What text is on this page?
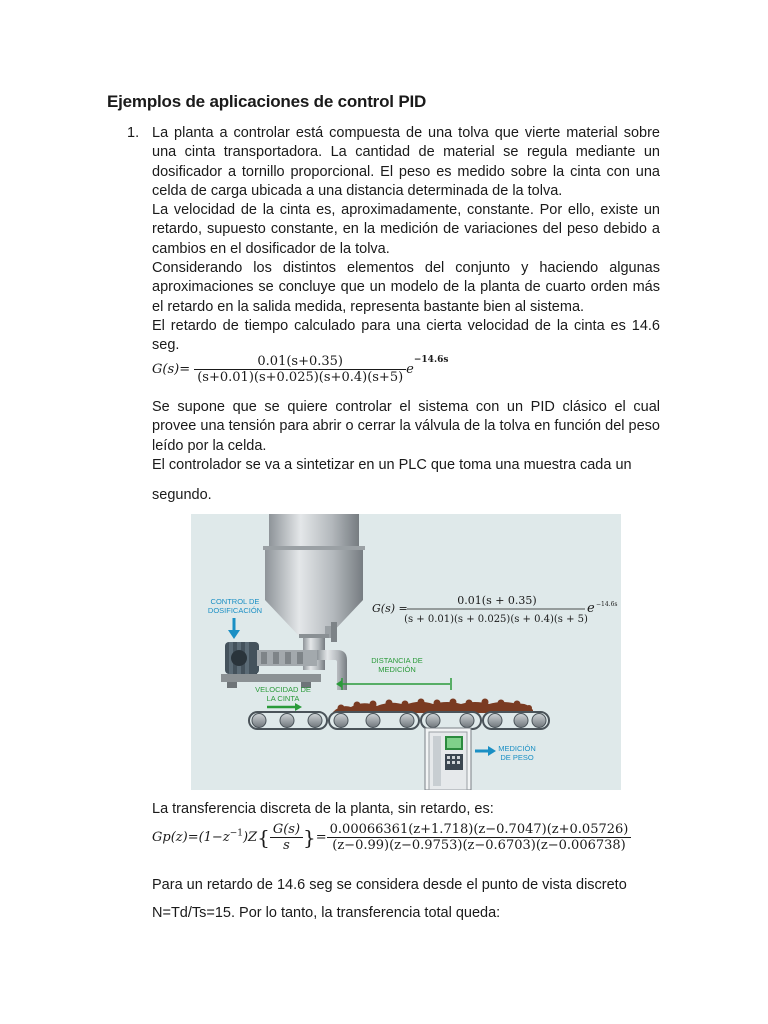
Ejemplos de aplicaciones de control PID
1. La planta a controlar está compuesta de una tolva que vierte material sobre una cinta transportadora. La cantidad de material se regula mediante un dosificador a tornillo proporcional. El peso es medido sobre la cinta con una celda de carga ubicada a una distancia determinada de la tolva.

La velocidad de la cinta es, aproximadamente, constante. Por ello, existe un retardo, supuesto constante, en la medición de variaciones del peso debido a cambios en el dosificador de la tolva.

Considerando los distintos elementos del conjunto y haciendo algunas aproximaciones se concluye que un modelo de la planta de cuarto orden más el retardo en la salida medida, representa bastante bien al sistema.

El retardo de tiempo calculado para una cierta velocidad de la cinta es 14.6 seg.

$G(s)= \frac{0.01(s+0.35)}{(s+0.01)(s+0.025)(s+0.4)(s+5)} e^{-14.6s}$

Se supone que se quiere controlar el sistema con un PID clásico el cual provee una tensión para abrir o cerrar la válvula de la tolva en función del peso leído por la celda.

El controlador se va a sintetizar en un PLC que toma una muestra cada un

segundo.

CONTROL DE
DOSIFICACIÓN
DISTANCIA DE
MEDICIÓN
VELOCIDAD DE
LA CINTA
MEDICIÓN
DE PESO
G(s) =
0.01(s + 0.35)
(s + 0.01)(s + 0.025)(s + 0.4)(s + 5)
e −14.6s

La transferencia discreta de la planta, sin retardo, es:

$Gp(z)=(1-z^{-1})Z\{ \frac{G(s)}{s}$ }= $\frac{0.00066361(z+1.718)(z-0.7047)(z+0.05726)}{(z-0.99)(z-0.9753)(z-0.6703)(z-0.006738)}$

Para un retardo de 14.6 seg se considera desde el punto de vista discreto

N=Td/Ts=15. Por lo tanto, la transferencia total queda:
